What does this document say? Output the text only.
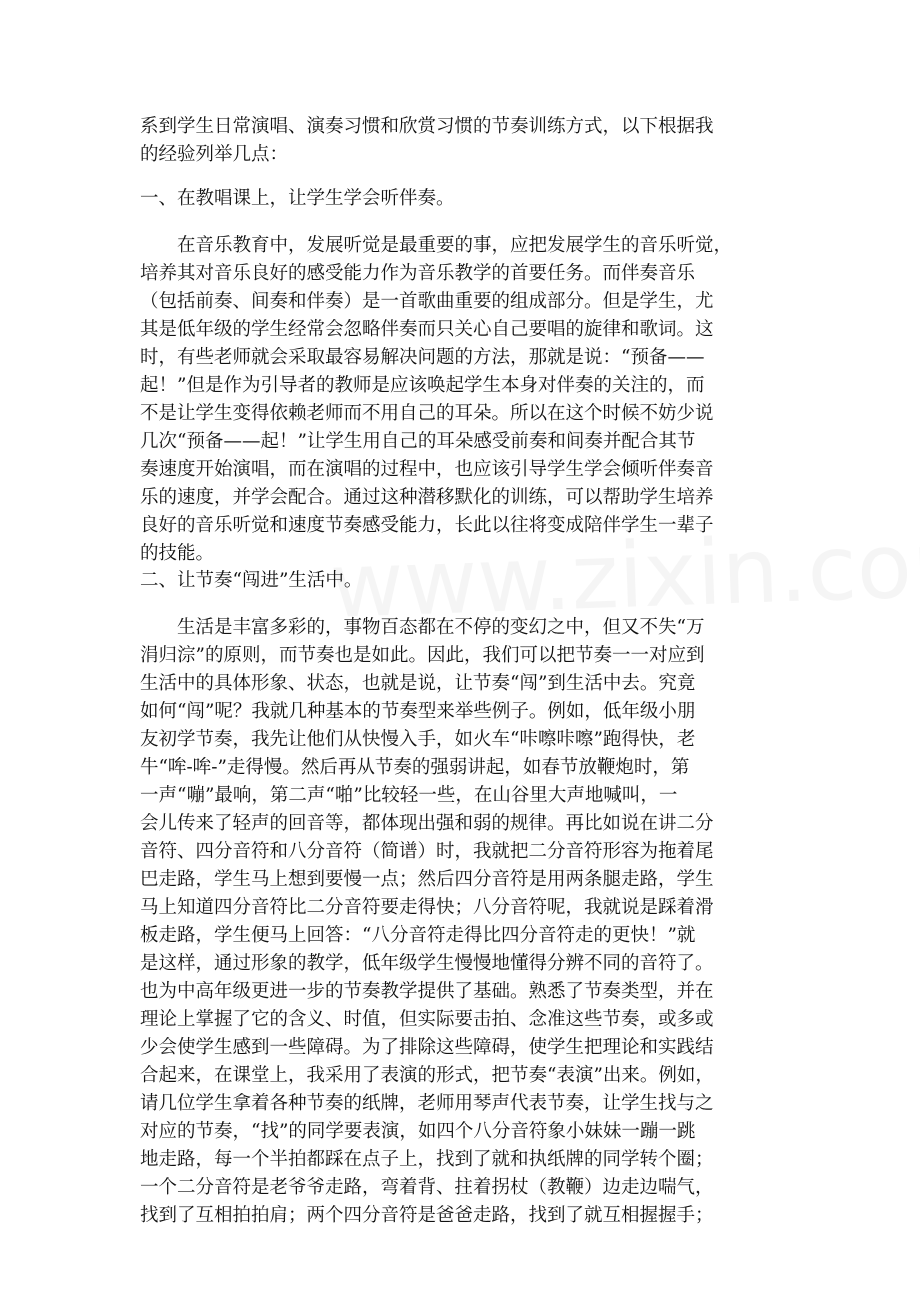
系到学生日常演唱、演奏习惯和欣赏习惯的节奏训练方式，以下根据我
的经验列举几点：
一、在教唱课上，让学生学会听伴奏。
　　在音乐教育中，发展听觉是最重要的事，应把发展学生的音乐听觉，
培养其对音乐良好的感受能力作为音乐教学的首要任务。而伴奏音乐
（包括前奏、间奏和伴奏）是一首歌曲重要的组成部分。但是学生，尤
其是低年级的学生经常会忽略伴奏而只关心自己要唱的旋律和歌词。这
时，有些老师就会采取最容易解决问题的方法，那就是说：“预备——
起！”但是作为引导者的教师是应该唤起学生本身对伴奏的关注的，而
不是让学生变得依赖老师而不用自己的耳朵。所以在这个时候不妨少说
几次“预备——起！”让学生用自己的耳朵感受前奏和间奏并配合其节
奏速度开始演唱，而在演唱的过程中，也应该引导学生学会倾听伴奏音
乐的速度，并学会配合。通过这种潜移默化的训练，可以帮助学生培养
良好的音乐听觉和速度节奏感受能力，长此以往将变成陪伴学生一辈子
的技能。
二、让节奏“闯进”生活中。
　　生活是丰富多彩的，事物百态都在不停的变幻之中，但又不失“万
涓归淙”的原则，而节奏也是如此。因此，我们可以把节奏一一对应到
生活中的具体形象、状态，也就是说，让节奏“闯”到生活中去。究竟
如何“闯”呢？我就几种基本的节奏型来举些例子。例如，低年级小朋
友初学节奏，我先让他们从快慢入手，如火车“咔嚓咔嚓”跑得快，老
牛“哞-哞-”走得慢。然后再从节奏的强弱讲起，如春节放鞭炮时，第
一声“嘣”最响，第二声“啪”比较轻一些，在山谷里大声地喊叫，一
会儿传来了轻声的回音等，都体现出强和弱的规律。再比如说在讲二分
音符、四分音符和八分音符（简谱）时，我就把二分音符形容为拖着尾
巴走路，学生马上想到要慢一点；然后四分音符是用两条腿走路，学生
马上知道四分音符比二分音符要走得快；八分音符呢，我就说是踩着滑
板走路，学生便马上回答：“八分音符走得比四分音符走的更快！”就
是这样，通过形象的教学，低年级学生慢慢地懂得分辨不同的音符了。
也为中高年级更进一步的节奏教学提供了基础。熟悉了节奏类型，并在
理论上掌握了它的含义、时值，但实际要击拍、念准这些节奏，或多或
少会使学生感到一些障碍。为了排除这些障碍，使学生把理论和实践结
合起来，在课堂上，我采用了表演的形式，把节奏“表演”出来。例如，
请几位学生拿着各种节奏的纸牌，老师用琴声代表节奏，让学生找与之
对应的节奏，“找”的同学要表演，如四个八分音符象小妹妹一蹦一跳
地走路，每一个半拍都踩在点子上，找到了就和执纸牌的同学转个圈；
一个二分音符是老爷爷走路，弯着背、拄着拐杖（教鞭）边走边喘气，
找到了互相拍拍肩；两个四分音符是爸爸走路，找到了就互相握握手；
